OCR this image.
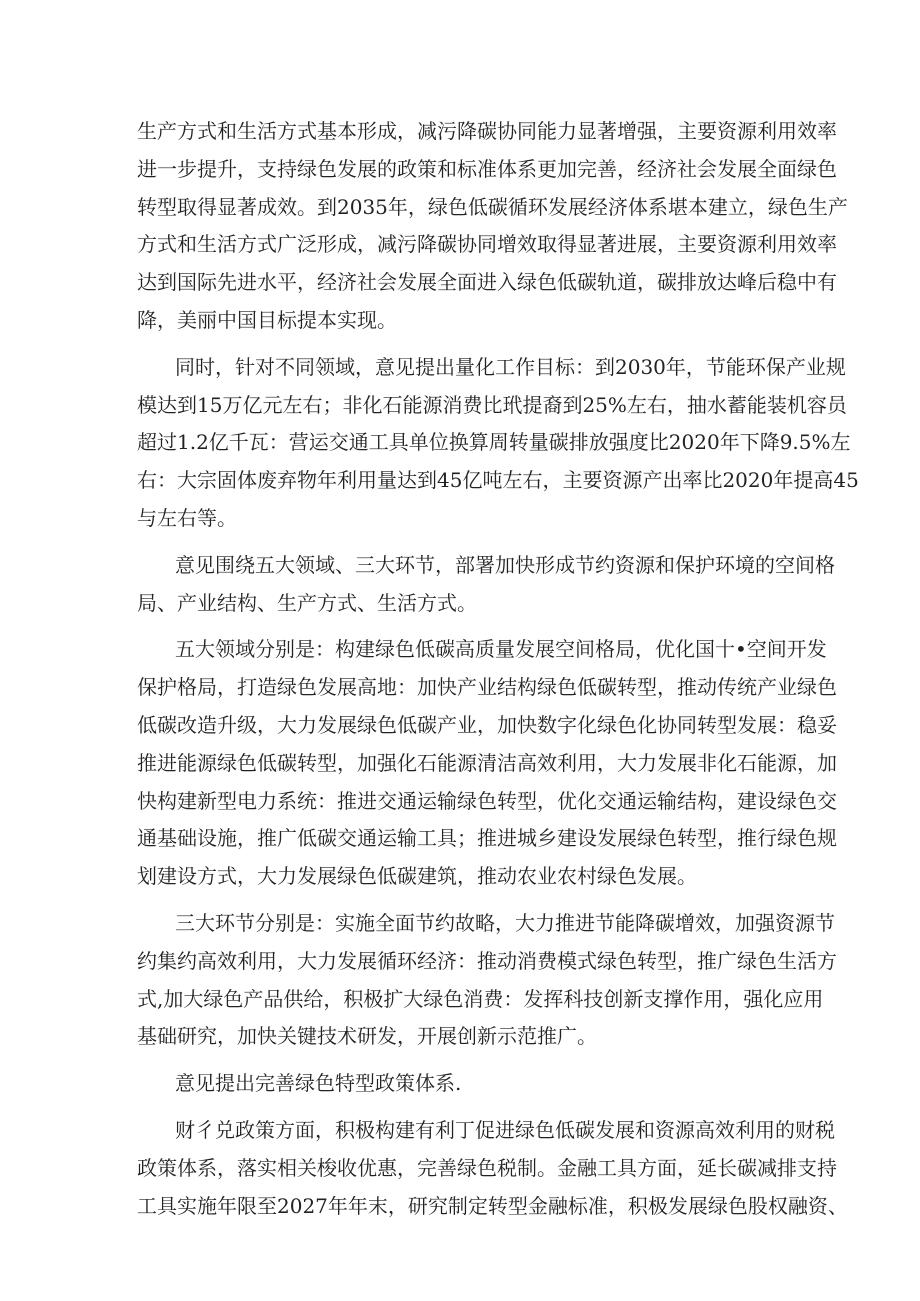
生产方式和生活方式基本形成，减污降碳协同能力显著增强，主要资源利用效率
进一步提升，支持绿色发展的政策和标准体系更加完善，经济社会发展全面绿色
转型取得显著成效。到2035年，绿色低碳循环发展经济体系堪本建立，绿色生产
方式和生活方式广泛形成，减污降碳协同增效取得显著进展，主要资源利用效率
达到国际先进水平，经济社会发展全面进入绿色低碳轨道，碳排放达峰后稳中有
降，美丽中国目标提本实现。
同时，针对不同领域，意见提出量化工作目标：到2030年，节能环保产业规
模达到15万亿元左右；非化石能源消费比玳提裔到25%左右，抽水蓄能装机容员
超过1.2亿千瓦：营运交通工具单位换算周转量碳排放强度比2020年下降9.5%左
右：大宗固体废弃物年利用量达到45亿吨左右，主要资源产出率比2020年提高45
与左右等。
意见围绕五大领域、三大环节，部署加快形成节约资源和保护环境的空间格
局、产业结构、生产方式、生活方式。
五大领域分别是：构建绿色低碳高质量发展空间格局，优化国十•空间开发
保护格局，打造绿色发展高地：加快产业结构绿色低碳转型，推动传统产业绿色
低碳改造升级，大力发展绿色低碳产业，加快数字化绿色化协同转型发展：稳妥
推进能源绿色低碳转型，加强化石能源清洁高效利用，大力发展非化石能源，加
快构建新型电力系统：推进交通运输绿色转型，优化交通运输结构，建设绿色交
通基础设施，推广低碳交通运输工具；推进城乡建设发展绿色转型，推行绿色规
划建设方式，大力发展绿色低碳建筑，推动农业农村绿色发展。
三大环节分别是：实施全面节约故略，大力推进节能降碳增效，加强资源节
约集约高效利用，大力发展循环经济：推动消费模式绿色转型，推广绿色生活方
式,加大绿色产品供给，积极扩大绿色消费：发挥科技创新支撑作用，强化应用
基础研究，加快关键技术研发，开展创新示范推广。
意见提出完善绿色特型政策体系.
财彳兑政策方面，积极构建有利丁促进绿色低碳发展和资源高效利用的财税
政策体系，落实相关梭收优惠，完善绿色税制。金融工具方面，延长碳减排支持
工具实施年限至2027年年末，研究制定转型金融标准，积极发展绿色股权融资、
